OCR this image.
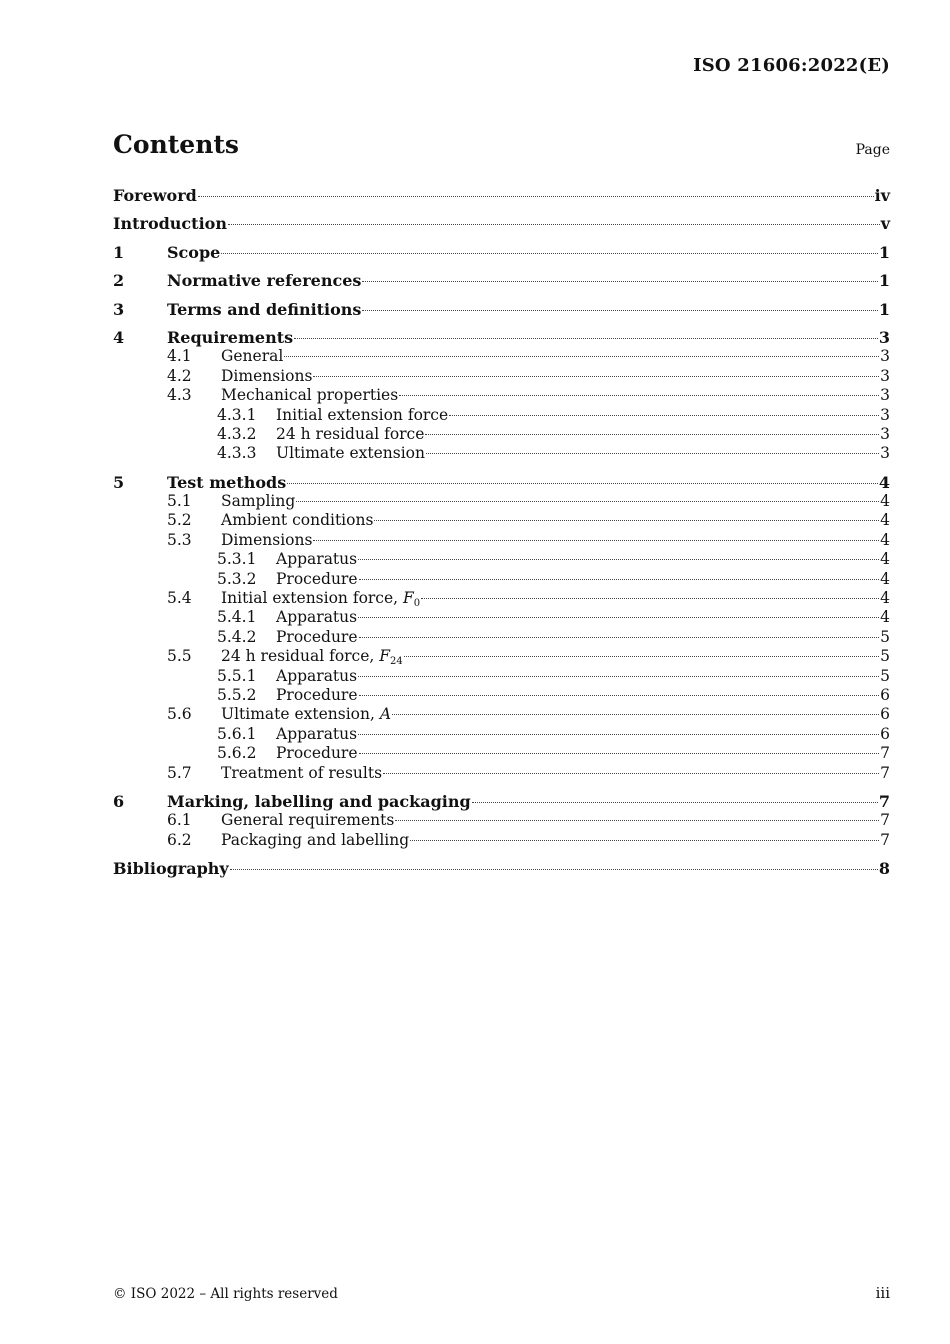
ISO 21606:2022(E)
Contents	Page
Foreword	iv
Introduction	v
1	Scope	1
2	Normative references	1
3	Terms and definitions	1
4	Requirements	3
4.1	General	3
4.2	Dimensions	3
4.3	Mechanical properties	3
4.3.1	Initial extension force	3
4.3.2	24 h residual force	3
4.3.3	Ultimate extension	3
5	Test methods	4
5.1	Sampling	4
5.2	Ambient conditions	4
5.3	Dimensions	4
5.3.1	Apparatus	4
5.3.2	Procedure	4
5.4	Initial extension force, $F_0$	4
5.4.1	Apparatus	4
5.4.2	Procedure	5
5.5	24 h residual force, $F_{24}$	5
5.5.1	Apparatus	5
5.5.2	Procedure	6
5.6	Ultimate extension, A	6
5.6.1	Apparatus	6
5.6.2	Procedure	7
5.7	Treatment of results	7
6	Marking, labelling and packaging	7
6.1	General requirements	7
6.2	Packaging and labelling	7
Bibliography	8
© ISO 2022 – All rights reserved	iii
